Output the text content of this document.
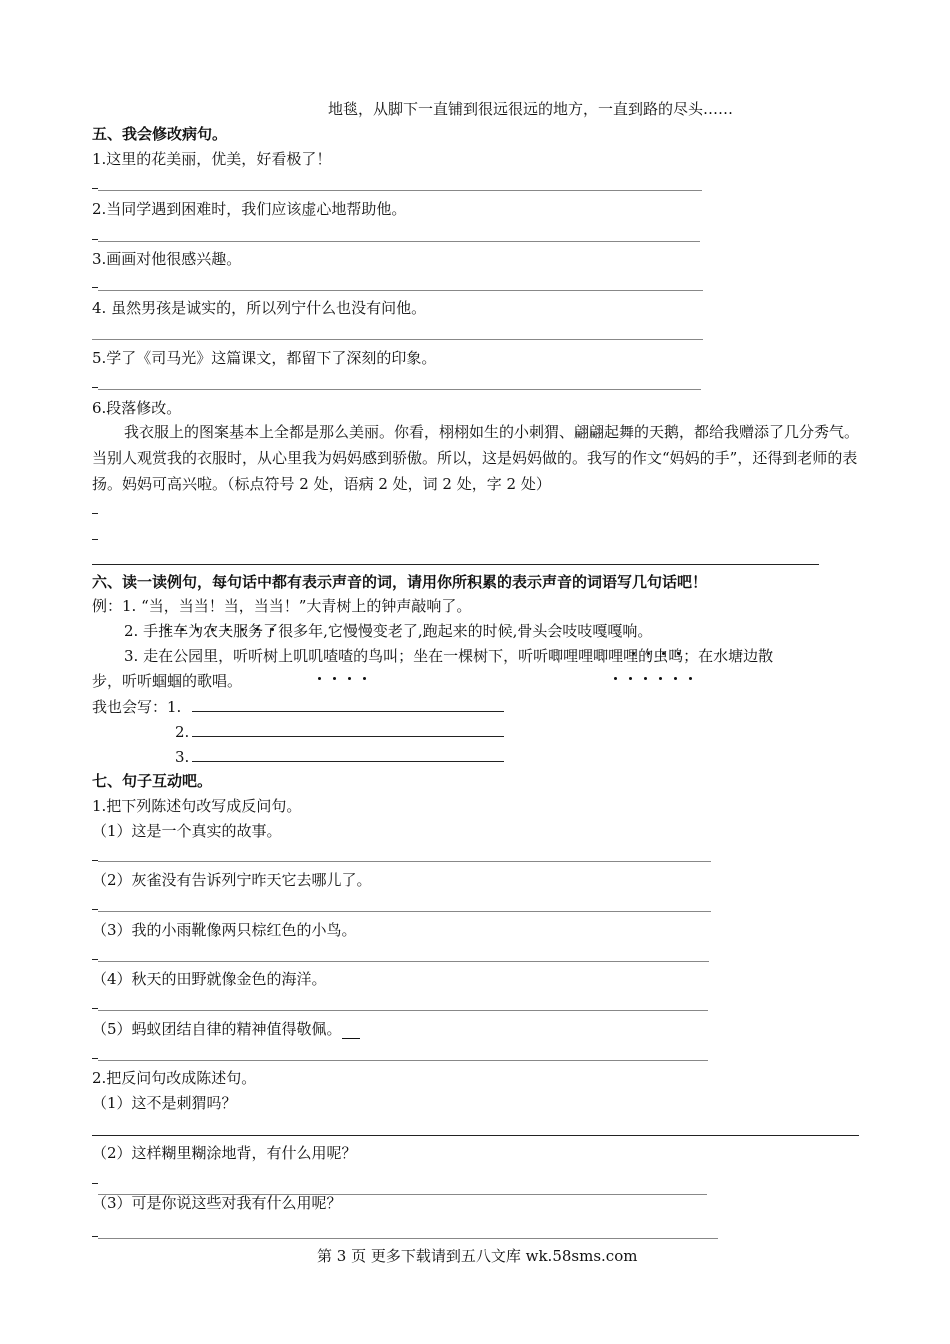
地毯，从脚下一直铺到很远很远的地方，一直到路的尽头……
五、我会修改病句。
1.这里的花美丽，优美，好看极了！
2.当同学遇到困难时，我们应该虚心地帮助他。
3.画画对他很感兴趣。
4. 虽然男孩是诚实的，所以列宁什么也没有问他。
5.学了《司马光》这篇课文，都留下了深刻的印象。
6.段落修改。
我衣服上的图案基本上全都是那么美丽。你看，栩栩如生的小刺猬、翩翩起舞的天鹅，都给我赠添了几分秀气。当别人观赏我的衣服时，从心里我为妈妈感到骄傲。所以，这是妈妈做的。我写的作文“妈妈的手”，还得到老师的表扬。妈妈可高兴啦。（标点符号 2 处，语病 2 处，词 2 处，字 2 处）
六、读一读例句，每句话中都有表示声音的词，请用你所积累的表示声音的词语写几句话吧！
例：1. “当，当当！当，当当！”大青树上的钟声敲响了。
2. 手推车为农夫服务了很多年,它慢慢变老了,跑起来的时候,骨头会吱吱嘎嘎响。
3. 走在公园里，听听树上叽叽喳喳的鸟叫；坐在一棵树下，听听唧哩哩唧哩哩的虫鸣；在水塘边散
步，听听蝈蝈的歌唱。
我也会写：1.
2.
3.
七、句子互动吧。
1.把下列陈述句改写成反问句。
（1）这是一个真实的故事。
（2）灰雀没有告诉列宁昨天它去哪儿了。
（3）我的小雨靴像两只棕红色的小鸟。
（4）秋天的田野就像金色的海洋。
（5）蚂蚁团结自律的精神值得敬佩。
2.把反问句改成陈述句。
（1）这不是刺猬吗？
（2）这样糊里糊涂地背，有什么用呢？
（3）可是你说这些对我有什么用呢？
第 3 页 更多下载请到五八文库 wk.58sms.com
